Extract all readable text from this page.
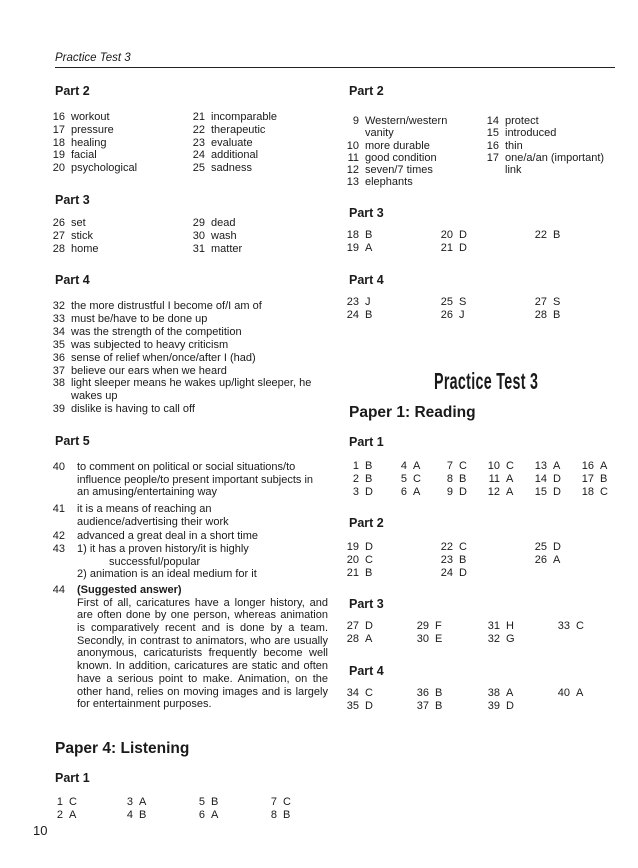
Practice Test 3
Part 2
16 workout
17 pressure
18 healing
19 facial
20 psychological
21 incomparable
22 therapeutic
23 evaluate
24 additional
25 sadness
Part 3
26 set
27 stick
28 home
29 dead
30 wash
31 matter
Part 4
32 the more distrustful I become of/I am of
33 must be/have to be done up
34 was the strength of the competition
35 was subjected to heavy criticism
36 sense of relief when/once/after I (had)
37 believe our ears when we heard
38 light sleeper means he wakes up/light sleeper, he
wakes up
39 dislike is having to call off
Part 5
40 to comment on political or social situations/to influence people/to present important subjects in an amusing/entertaining way
41 it is a means of reaching an audience/advertising their work
42 advanced a great deal in a short time
43 1) it has a proven history/it is highly
successful/popular
2) animation is an ideal medium for it
44 (Suggested answer)
First of all, caricatures have a longer history, and are often done by one person, whereas animation is comparatively recent and is done by a team. Secondly, in contrast to animators, who are usually anonymous, caricaturists frequently become well known. In addition, caricatures are static and often have a serious point to make. Animation, on the other hand, relies on moving images and is largely for entertainment purposes.
Paper 4: Listening
Part 1
1 C
2 A
3 A
4 B
5 B
6 A
7 C
8 B
10
Part 2
9 Western/western
vanity
10 more durable
11 good condition
12 seven/7 times
13 elephants
14 protect
15 introduced
16 thin
17 one/a/an (important)
link
Part 3
18 B
19 A
20 D
21 D
22 B
Part 4
23 J
24 B
25 S
26 J
27 S
28 B
Practice Test 3
Paper 1: Reading
Part 1
1 B
2 B
3 D
4 A
5 C
6 A
7 C
8 B
9 D
10 C
11 A
12 A
13 A
14 D
15 D
16 A
17 B
18 C
Part 2
19 D
20 C
21 B
22 C
23 B
24 D
25 D
26 A
Part 3
27 D
28 A
29 F
30 E
31 H
32 G
33 C
Part 4
34 C
35 D
36 B
37 B
38 A
39 D
40 A
